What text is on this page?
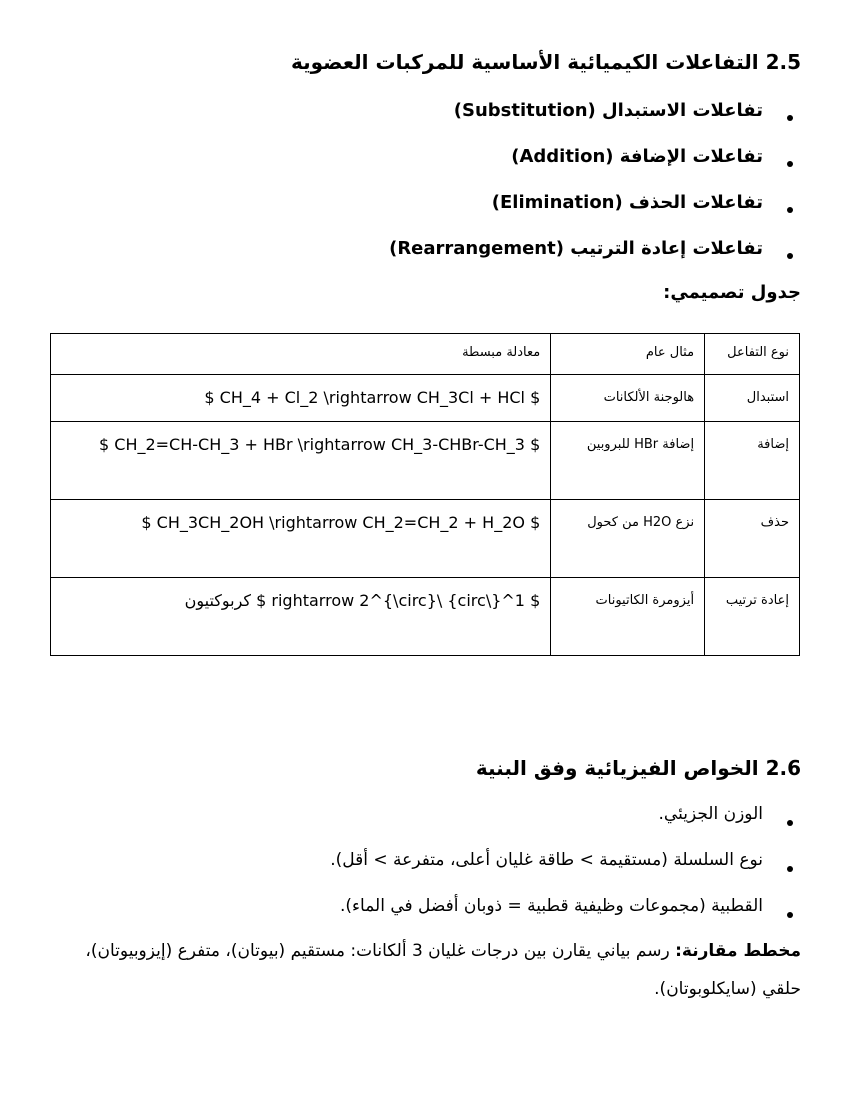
2.5 التفاعلات الكيميائية الأساسية للمركبات العضوية
تفاعلات الاستبدال (Substitution)
تفاعلات الإضافة (Addition)
تفاعلات الحذف (Elimination)
تفاعلات إعادة الترتيب (Rearrangement)

جدول تصميمي:

نوع التفاعل	مثال عام	معادلة مبسطة
استبدال	هالوجنة الألكانات	$ CH_4 + Cl_2 \rightarrow CH_3Cl + HCl $
إضافة	إضافة HBr للبروبين	$ CH_2=CH-CH_3 + HBr \rightarrow CH_3-CHBr-CH_3 $
حذف	نزع H2O من كحول	$ CH_3CH_2OH \rightarrow CH_2=CH_2 + H_2O $
إعادة ترتيب	أيزومرة الكاتيونات	$ 1^{\circ} \rightarrow 2^{\circ} $ كربوكتيون
2.6 الخواص الفيزيائية وفق البنية
الوزن الجزيئي.
نوع السلسلة (مستقيمة > طاقة غليان أعلى، متفرعة > أقل).
القطبية (مجموعات وظيفية قطبية = ذوبان أفضل في الماء).

مخطط مقارنة: رسم بياني يقارن بين درجات غليان 3 ألكانات: مستقيم (بيوتان)، متفرع (إيزوبيوتان)، حلقي (سايكلوبوتان).
